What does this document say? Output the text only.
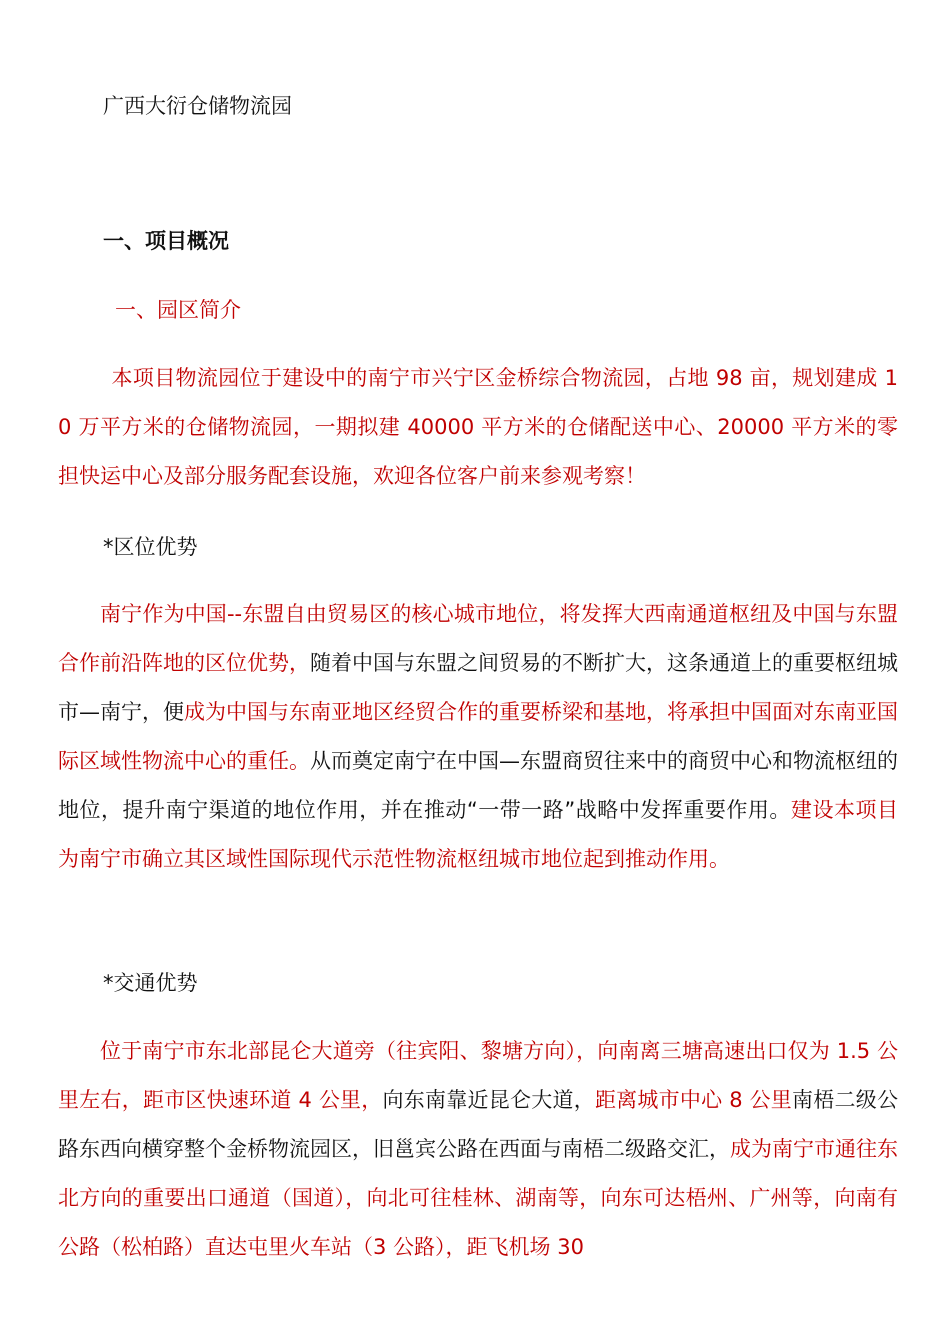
广西大衍仓储物流园
一、项目概况
一、园区简介

本项目物流园位于建设中的南宁市兴宁区金桥综合物流园，占地 98 亩，规划建成 10 万平方米的仓储物流园，一期拟建 40000 平方米的仓储配送中心、20000 平方米的零担快运中心及部分服务配套设施，欢迎各位客户前来参观考察！

*区位优势

南宁作为中国--东盟自由贸易区的核心城市地位，将发挥大西南通道枢纽及中国与东盟合作前沿阵地的区位优势，随着中国与东盟之间贸易的不断扩大，这条通道上的重要枢纽城市—南宁，便成为中国与东南亚地区经贸合作的重要桥梁和基地，将承担中国面对东南亚国际区域性物流中心的重任。从而奠定南宁在中国—东盟商贸往来中的商贸中心和物流枢纽的地位，提升南宁渠道的地位作用，并在推动“一带一路”战略中发挥重要作用。建设本项目为南宁市确立其区域性国际现代示范性物流枢纽城市地位起到推动作用。

*交通优势

位于南宁市东北部昆仑大道旁（往宾阳、黎塘方向），向南离三塘高速出口仅为 1.5 公里左右，距市区快速环道 4 公里，向东南靠近昆仑大道，距离城市中心 8 公里南梧二级公路东西向横穿整个金桥物流园区，旧邕宾公路在西面与南梧二级路交汇，成为南宁市通往东北方向的重要出口通道（国道），向北可往桂林、湖南等，向东可达梧州、广州等，向南有公路（松柏路）直达屯里火车站（3 公路），距飞机场 30
